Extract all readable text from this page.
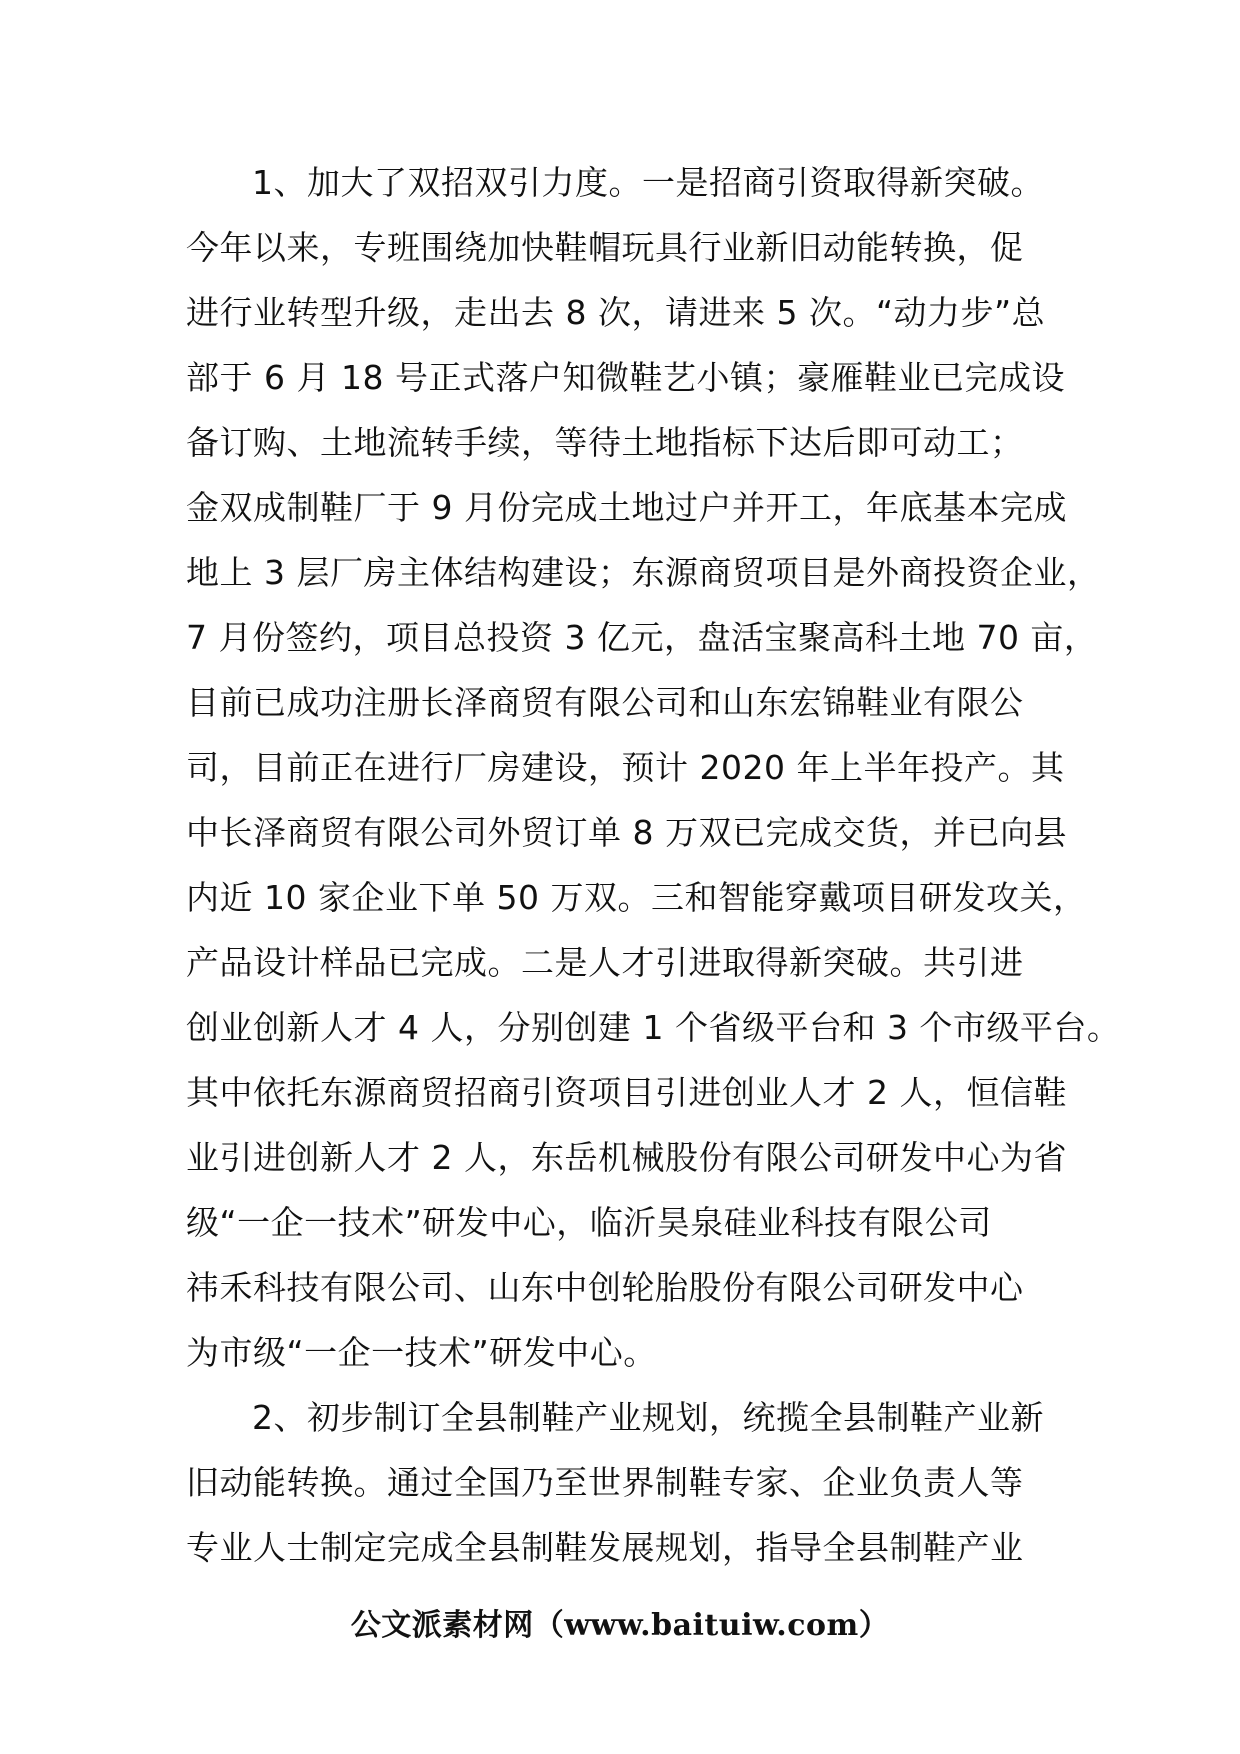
1、加大了双招双引力度。一是招商引资取得新突破。
今年以来，专班围绕加快鞋帽玩具行业新旧动能转换，促
进行业转型升级，走出去 8 次，请进来 5 次。“动力步”总
部于 6 月 18 号正式落户知微鞋艺小镇；豪雁鞋业已完成设
备订购、土地流转手续，等待土地指标下达后即可动工；
金双成制鞋厂于 9 月份完成土地过户并开工，年底基本完成
地上 3 层厂房主体结构建设；东源商贸项目是外商投资企业，
7 月份签约，项目总投资 3 亿元，盘活宝聚高科土地 70 亩，
目前已成功注册长泽商贸有限公司和山东宏锦鞋业有限公
司，目前正在进行厂房建设，预计 2020 年上半年投产。其
中长泽商贸有限公司外贸订单 8 万双已完成交货，并已向县
内近 10 家企业下单 50 万双。三和智能穿戴项目研发攻关，
产品设计样品已完成。二是人才引进取得新突破。共引进
创业创新人才 4 人，分别创建 1 个省级平台和 3 个市级平台。
其中依托东源商贸招商引资项目引进创业人才 2 人，恒信鞋
业引进创新人才 2 人，东岳机械股份有限公司研发中心为省
级“一企一技术”研发中心，临沂昊泉硅业科技有限公司
祎禾科技有限公司、山东中创轮胎股份有限公司研发中心
为市级“一企一技术”研发中心。
2、初步制订全县制鞋产业规划，统揽全县制鞋产业新
旧动能转换。通过全国乃至世界制鞋专家、企业负责人等
专业人士制定完成全县制鞋发展规划，指导全县制鞋产业
公文派素材网（www.baituiw.com）
